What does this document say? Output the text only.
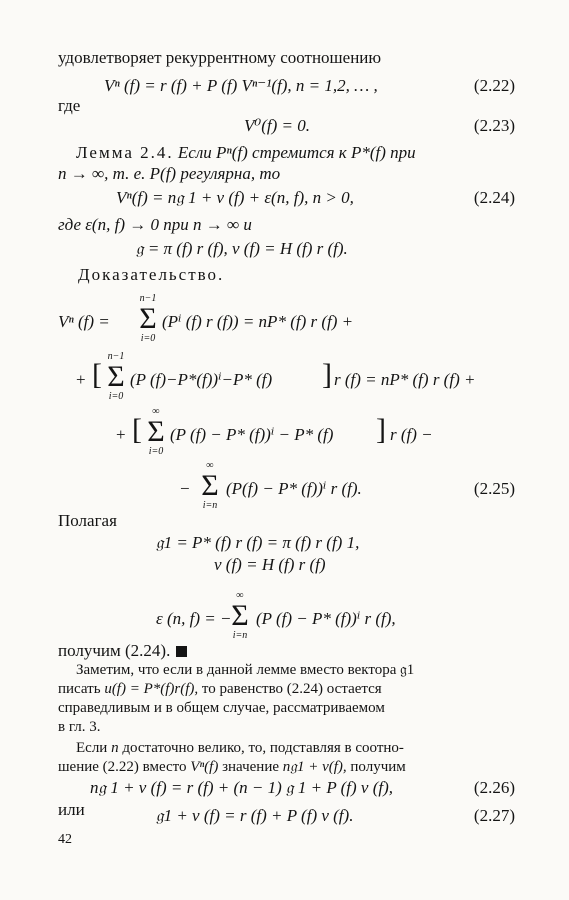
удовлетворяет рекуррентному соотношению
Vⁿ (f) = r (f) + P (f) Vⁿ⁻¹(f), n = 1,2, … ,	(2.22)
где
V⁰(f) = 0.	(2.23)
Лемма 2.4. Если Pⁿ(f) стремится к P*(f) при
n → ∞, т. е. P(f) регулярна, то
Vⁿ(f) = n𝔤 1 + v (f) + ε(n, f), n > 0,	(2.24)
где ε(n, f) → 0 при n → ∞ и
𝔤 = π (f) r (f), v (f) = H (f) r (f).
Доказательство.
Vⁿ (f) =
n−1
Σ
i=0
(Pⁱ (f) r (f)) = nP* (f) r (f) +
+ [
n−1
Σ
i=0
(P (f)−P*(f))ⁱ−P* (f) ] r (f) = nP* (f) r (f) +
+ [
∞
Σ
i=0
(P (f) − P* (f))ⁱ − P* (f) ] r (f) −
−
∞
Σ
i=n
(P(f) − P* (f))ⁱ r (f).	(2.25)
Полагая
𝔤1 = P* (f) r (f) = π (f) r (f) 1,
v (f) = H (f) r (f)
ε (n, f) = −
∞
Σ
i=n
(P (f) − P* (f))ⁱ r (f),
получим (2.24).
Заметим, что если в данной лемме вместо вектора 𝔤1
писать u(f) = P*(f)r(f), то равенство (2.24) остается
справедливым и в общем случае, рассматриваемом
в гл. 3.
Если n достаточно велико, то, подставляя в соотно-
шение (2.22) вместо Vⁿ(f) значение n𝔤1 + v(f), получим
n𝔤 1 + v (f) = r (f) + (n − 1) 𝔤 1 + P (f) v (f),	(2.26)
или	𝔤1 + v (f) = r (f) + P (f) v (f).	(2.27)
42
